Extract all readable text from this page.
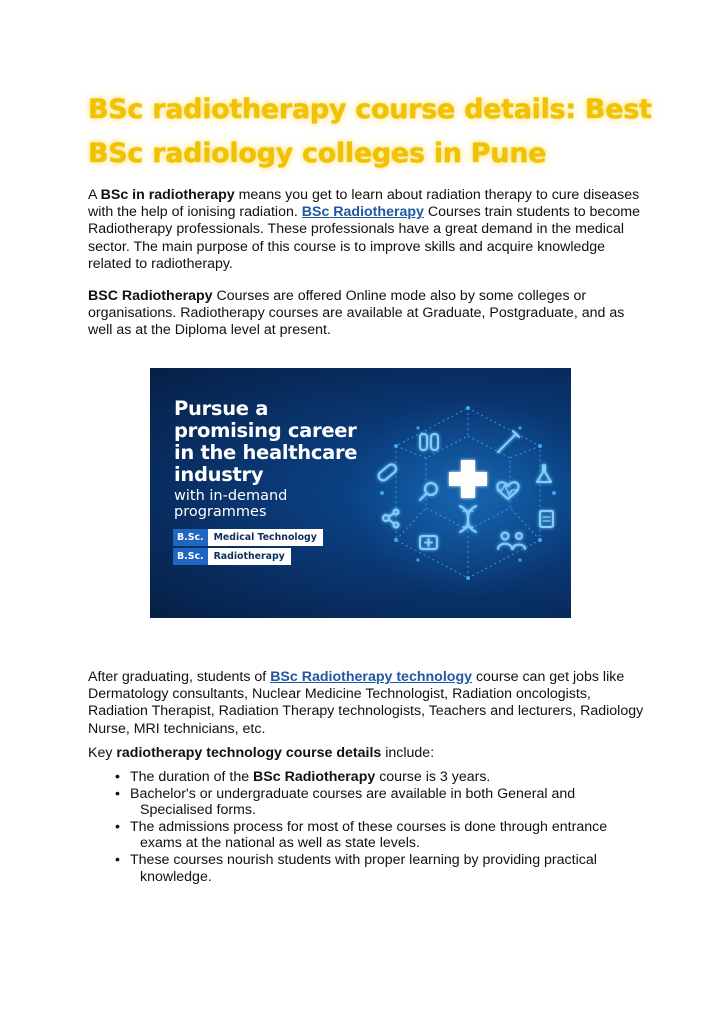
BSc radiotherapy course details: Best
BSc radiology colleges in Pune

A BSc in radiotherapy means you get to learn about radiation therapy to cure diseases with the help of ionising radiation. BSc Radiotherapy Courses train students to become Radiotherapy professionals. These professionals have a great demand in the medical sector. The main purpose of this course is to improve skills and acquire knowledge related to radiotherapy.

BSC Radiotherapy Courses are offered Online mode also by some colleges or organisations. Radiotherapy courses are available at Graduate, Postgraduate, and as well as at the Diploma level at present.

Pursue a
promising career
in the healthcare
industry

with in-demand
programmes

B.Sc.	Medical Technology
B.Sc.	Radiotherapy

After graduating, students of BSc Radiotherapy technology course can get jobs like Dermatology consultants, Nuclear Medicine Technologist, Radiation oncologists, Radiation Therapist, Radiation Therapy technologists, Teachers and lecturers, Radiology Nurse, MRI technicians, etc.

Key radiotherapy technology course details include:

• The duration of the BSc Radiotherapy course is 3 years.
• Bachelor's or undergraduate courses are available in both General and
Specialised forms.
• The admissions process for most of these courses is done through entrance
exams at the national as well as state levels.
• These courses nourish students with proper learning by providing practical
knowledge.
